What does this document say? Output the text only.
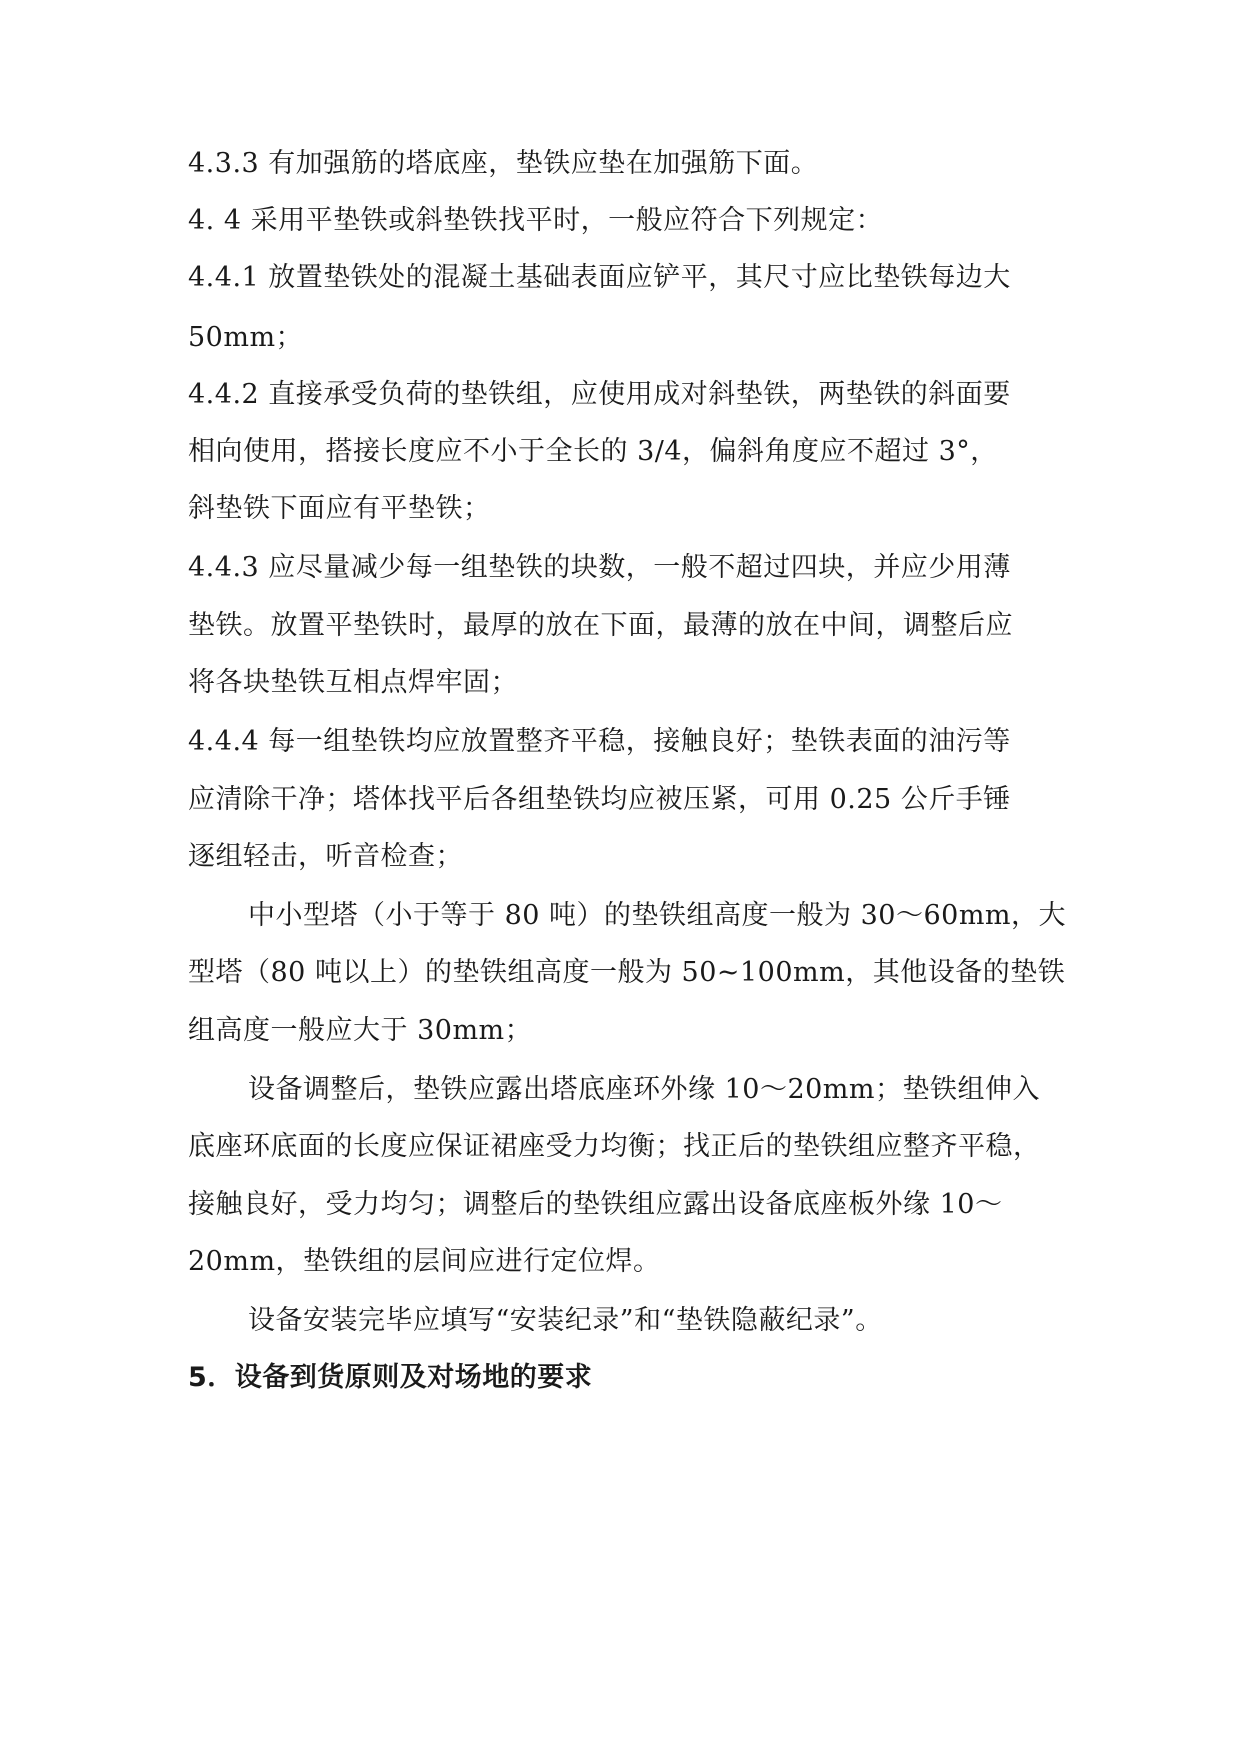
4.3.3 有加强筋的塔底座，垫铁应垫在加强筋下面。
4. 4 采用平垫铁或斜垫铁找平时，一般应符合下列规定：
4.4.1 放置垫铁处的混凝土基础表面应铲平，其尺寸应比垫铁每边大
50mm；
4.4.2 直接承受负荷的垫铁组，应使用成对斜垫铁，两垫铁的斜面要
相向使用，搭接长度应不小于全长的 3/4，偏斜角度应不超过 3°，
斜垫铁下面应有平垫铁；
4.4.3 应尽量减少每一组垫铁的块数，一般不超过四块，并应少用薄
垫铁。放置平垫铁时，最厚的放在下面，最薄的放在中间，调整后应
将各块垫铁互相点焊牢固；
4.4.4 每一组垫铁均应放置整齐平稳，接触良好；垫铁表面的油污等
应清除干净；塔体找平后各组垫铁均应被压紧，可用 0.25 公斤手锤
逐组轻击，听音检查；
中小型塔（小于等于 80 吨）的垫铁组高度一般为 30～60mm，大
型塔（80 吨以上）的垫铁组高度一般为 50~100mm，其他设备的垫铁
组高度一般应大于 30mm；
设备调整后，垫铁应露出塔底座环外缘 10～20mm；垫铁组伸入
底座环底面的长度应保证裙座受力均衡；找正后的垫铁组应整齐平稳，
接触良好，受力均匀；调整后的垫铁组应露出设备底座板外缘 10～
20mm，垫铁组的层间应进行定位焊。
设备安装完毕应填写“安装纪录”和“垫铁隐蔽纪录”。
5．设备到货原则及对场地的要求
